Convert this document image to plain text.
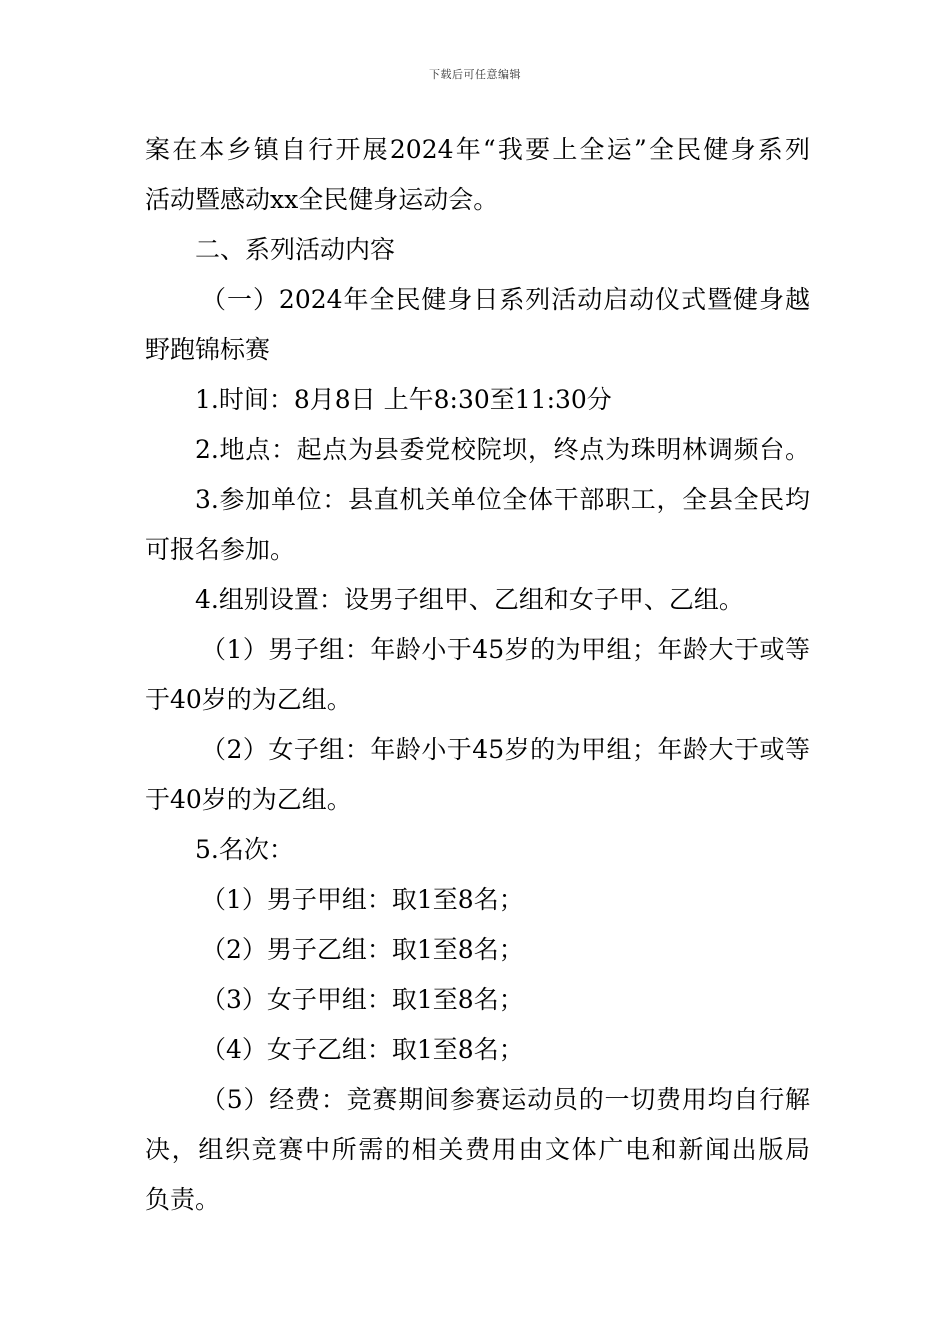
下载后可任意编辑
案在本乡镇自行开展2024年“我要上全运”全民健身系列
活动暨感动xx全民健身运动会。
二、系列活动内容
（一）2024年全民健身日系列活动启动仪式暨健身越
野跑锦标赛
1.时间：8月8日 上午8:30至11:30分
2.地点：起点为县委党校院坝，终点为珠明林调频台。
3.参加单位：县直机关单位全体干部职工，全县全民均
可报名参加。
4.组别设置：设男子组甲、乙组和女子甲、乙组。
（1）男子组：年龄小于45岁的为甲组；年龄大于或等
于40岁的为乙组。
（2）女子组：年龄小于45岁的为甲组；年龄大于或等
于40岁的为乙组。
5.名次：
（1）男子甲组：取1至8名；
（2）男子乙组：取1至8名；
（3）女子甲组：取1至8名；
（4）女子乙组：取1至8名；
（5）经费：竞赛期间参赛运动员的一切费用均自行解
决，组织竞赛中所需的相关费用由文体广电和新闻出版局
负责。
